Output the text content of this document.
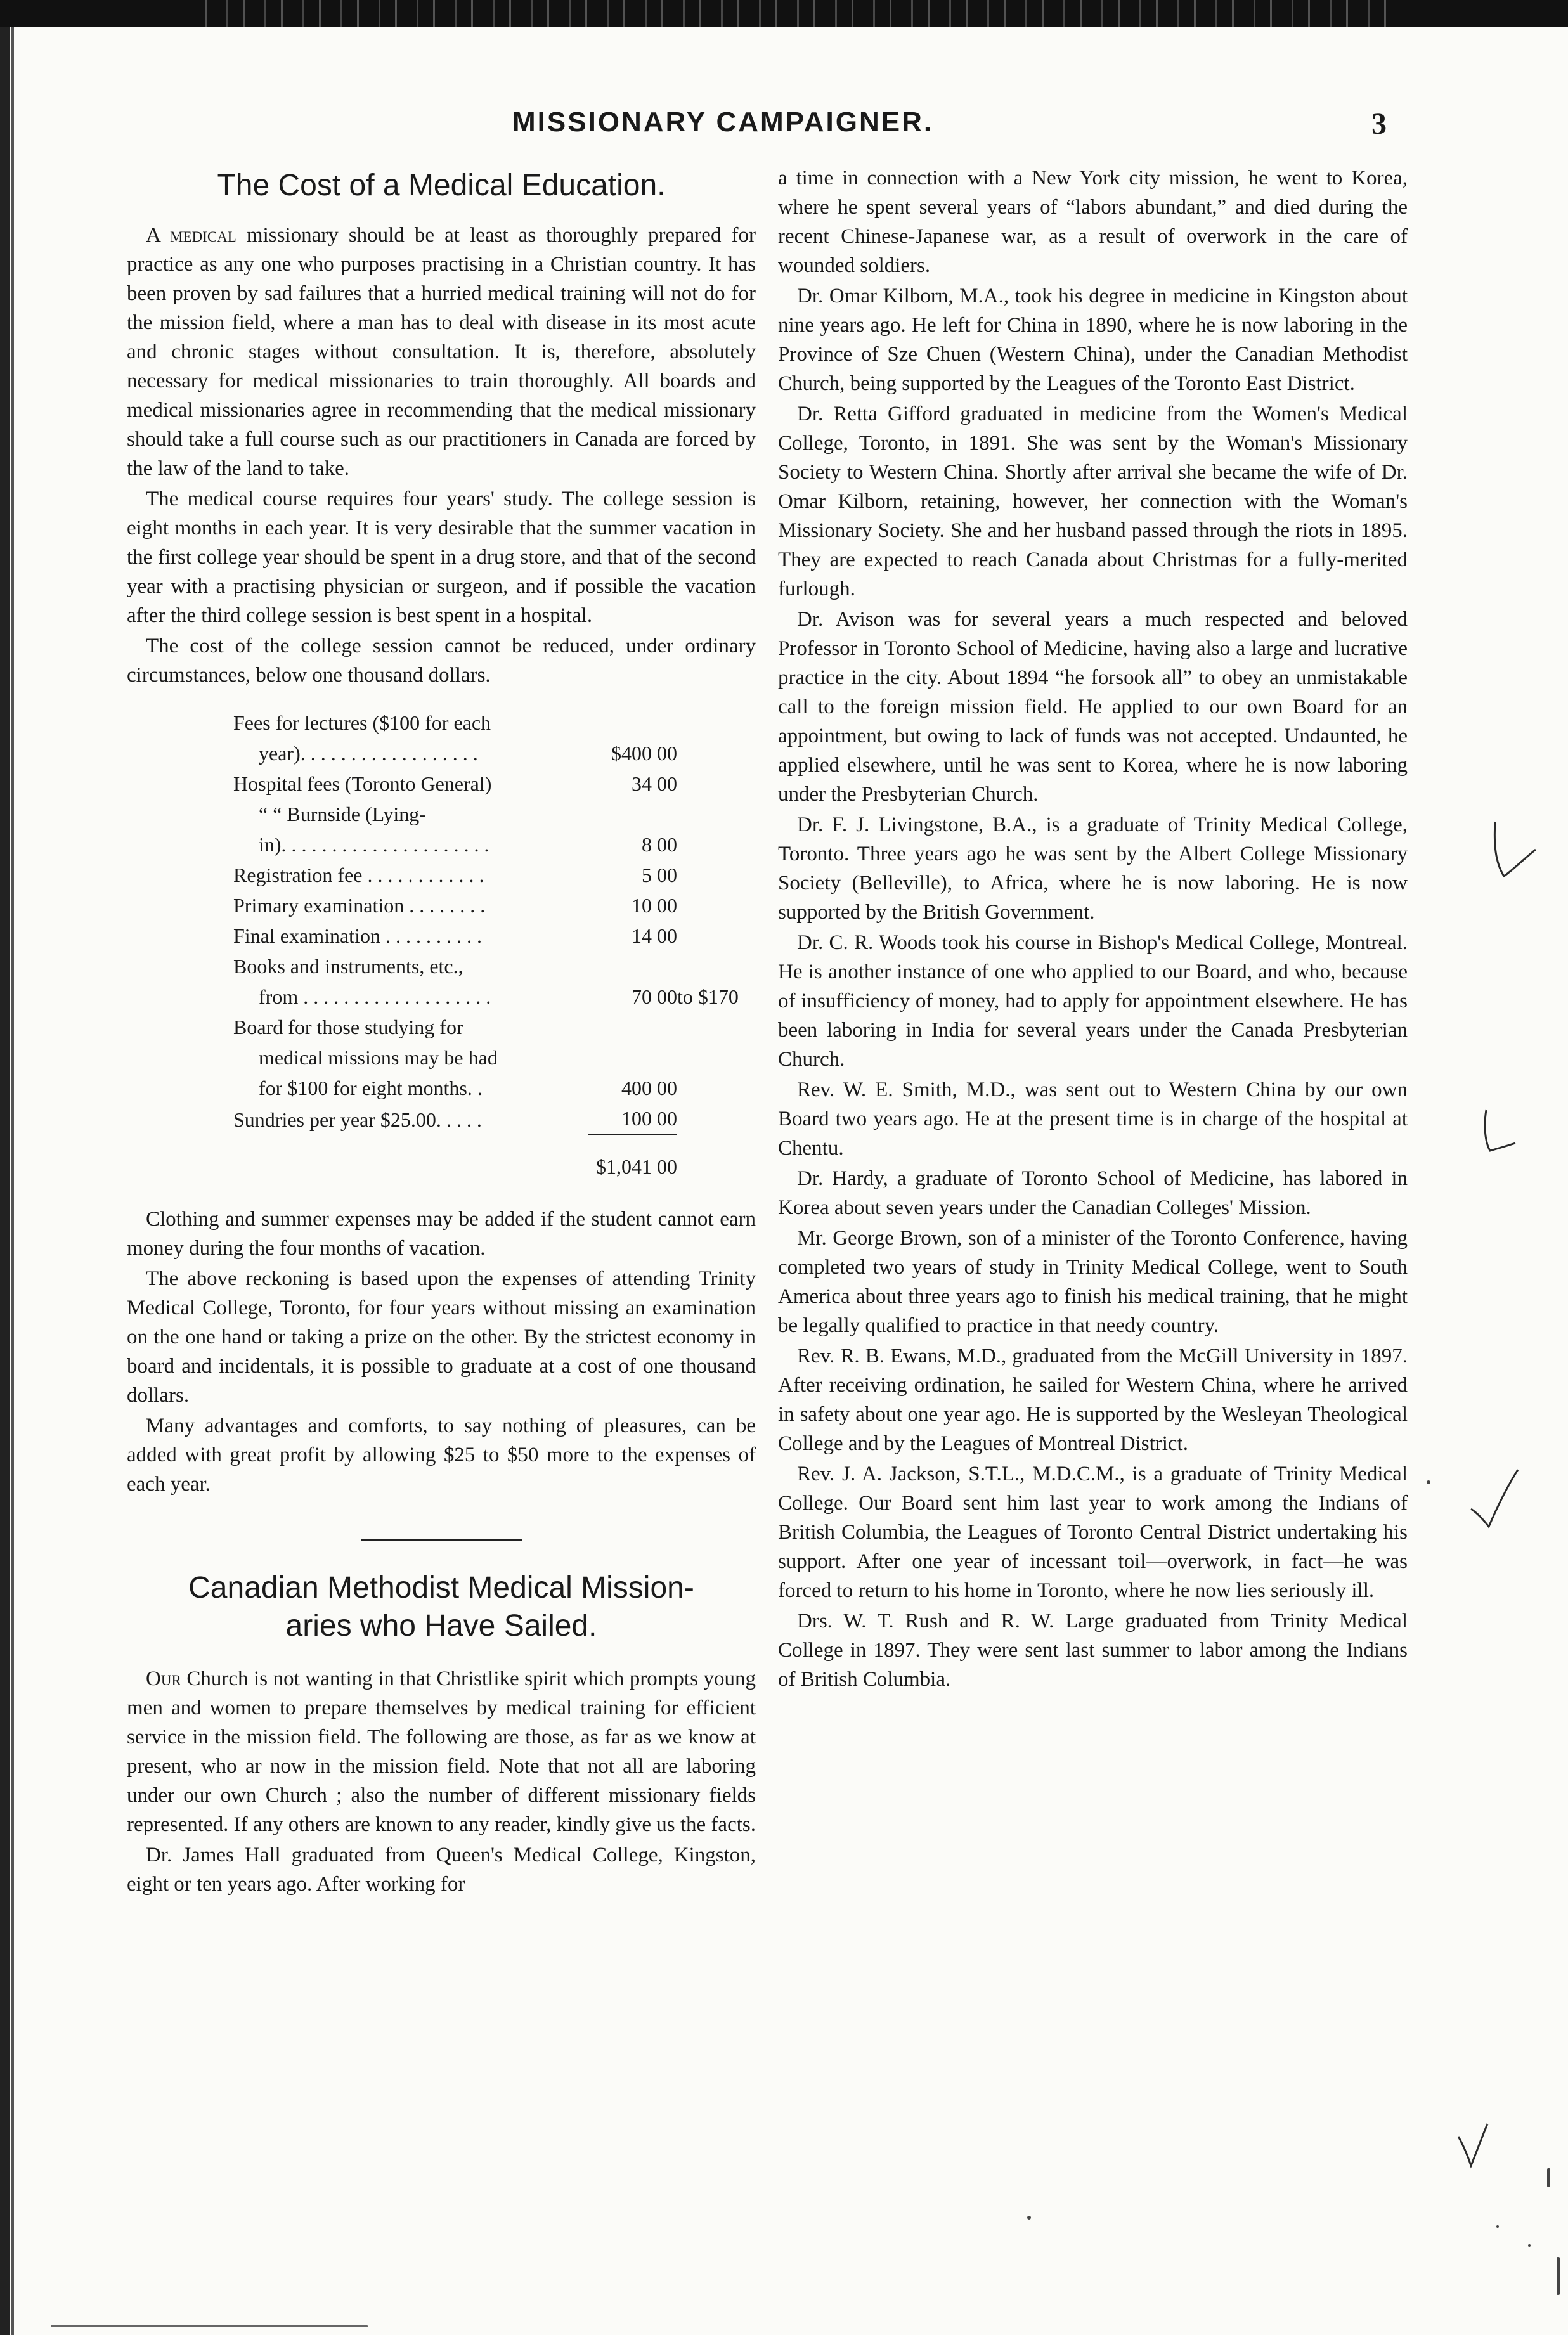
MISSIONARY CAMPAIGNER.	3
The Cost of a Medical Education.

A medical missionary should be at least as thoroughly prepared for practice as any one who purposes practising in a Christian country. It has been proven by sad failures that a hurried medical training will not do for the mission field, where a man has to deal with disease in its most acute and chronic stages without consultation. It is, therefore, absolutely necessary for medical missionaries to train thoroughly. All boards and medical missionaries agree in recommending that the medical missionary should take a full course such as our practitioners in Canada are forced by the law of the land to take.

The medical course requires four years' study. The college session is eight months in each year. It is very desirable that the summer vacation in the first college year should be spent in a drug store, and that of the second year with a practising physician or surgeon, and if possible the vacation after the third college session is best spent in a hospital.

The cost of the college session cannot be reduced, under ordinary circumstances, below one thousand dollars.

Fees for lectures ($100 for each		
year). . . . . . . . . . . . . . . . . .	$400 00	
Hospital fees (Toronto General)	34 00	
“ “ Burnside (Lying-		
in). . . . . . . . . . . . . . . . . . . . .	8 00	
Registration fee . . . . . . . . . . . .	5 00	
Primary examination . . . . . . . .	10 00	
Final examination . . . . . . . . . .	14 00	
Books and instruments, etc.,		
from . . . . . . . . . . . . . . . . . . .	70 00	to $170
Board for those studying for		
medical missions may be had		
for $100 for eight months. .	400 00	
Sundries per year $25.00. . . . .	100 00	

	$1,041 00	

Clothing and summer expenses may be added if the student cannot earn money during the four months of vacation.

The above reckoning is based upon the expenses of attending Trinity Medical College, Toronto, for four years without missing an examination on the one hand or taking a prize on the other. By the strictest economy in board and incidentals, it is possible to graduate at a cost of one thousand dollars.

Many advantages and comforts, to say nothing of pleasures, can be added with great profit by allowing $25 to $50 more to the expenses of each year.

Canadian Methodist Medical Mission-
aries who Have Sailed.

Our Church is not wanting in that Christlike spirit which prompts young men and women to prepare themselves by medical training for efficient service in the mission field. The following are those, as far as we know at present, who ar now in the mission field. Note that not all are laboring under our own Church ; also the number of different missionary fields represented. If any others are known to any reader, kindly give us the facts.

Dr. James Hall graduated from Queen's Medical College, Kingston, eight or ten years ago. After working for

a time in connection with a New York city mission, he went to Korea, where he spent several years of “labors abundant,” and died during the recent Chinese-Japanese war, as a result of overwork in the care of wounded soldiers.

Dr. Omar Kilborn, M.A., took his degree in medicine in Kingston about nine years ago. He left for China in 1890, where he is now laboring in the Province of Sze Chuen (Western China), under the Canadian Methodist Church, being supported by the Leagues of the Toronto East District.

Dr. Retta Gifford graduated in medicine from the Women's Medical College, Toronto, in 1891. She was sent by the Woman's Missionary Society to Western China. Shortly after arrival she became the wife of Dr. Omar Kilborn, retaining, however, her connection with the Woman's Missionary Society. She and her husband passed through the riots in 1895. They are expected to reach Canada about Christmas for a fully-merited furlough.

Dr. Avison was for several years a much respected and beloved Professor in Toronto School of Medicine, having also a large and lucrative practice in the city. About 1894 “he forsook all” to obey an unmistakable call to the foreign mission field. He applied to our own Board for an appointment, but owing to lack of funds was not accepted. Undaunted, he applied elsewhere, until he was sent to Korea, where he is now laboring under the Presbyterian Church.

Dr. F. J. Livingstone, B.A., is a graduate of Trinity Medical College, Toronto. Three years ago he was sent by the Albert College Missionary Society (Belleville), to Africa, where he is now laboring. He is now supported by the British Government.

Dr. C. R. Woods took his course in Bishop's Medical College, Montreal. He is another instance of one who applied to our Board, and who, because of insufficiency of money, had to apply for appointment elsewhere. He has been laboring in India for several years under the Canada Presbyterian Church.

Rev. W. E. Smith, M.D., was sent out to Western China by our own Board two years ago. He at the present time is in charge of the hospital at Chentu.

Dr. Hardy, a graduate of Toronto School of Medicine, has labored in Korea about seven years under the Canadian Colleges' Mission.

Mr. George Brown, son of a minister of the Toronto Conference, having completed two years of study in Trinity Medical College, went to South America about three years ago to finish his medical training, that he might be legally qualified to practice in that needy country.

Rev. R. B. Ewans, M.D., graduated from the McGill University in 1897. After receiving ordination, he sailed for Western China, where he arrived in safety about one year ago. He is supported by the Wesleyan Theological College and by the Leagues of Montreal District.

Rev. J. A. Jackson, S.T.L., M.D.C.M., is a graduate of Trinity Medical College. Our Board sent him last year to work among the Indians of British Columbia, the Leagues of Toronto Central District undertaking his support. After one year of incessant toil—overwork, in fact—he was forced to return to his home in Toronto, where he now lies seriously ill.

Drs. W. T. Rush and R. W. Large graduated from Trinity Medical College in 1897. They were sent last summer to labor among the Indians of British Columbia.
